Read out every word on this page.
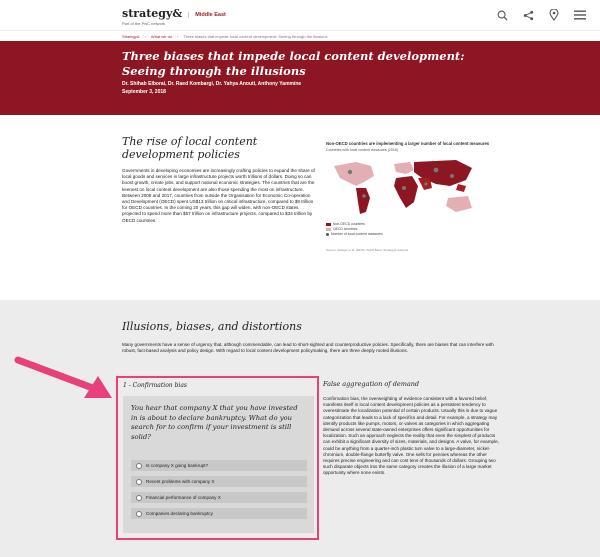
strategy&
Part of the PwC network
Middle East
Strategy& › What we do › Three biases that impede local content development: Seeing through the illusions
Three biases that impede local content development: Seeing through the illusions
Dr. Shihab Elborai, Dr. Raed Kombargi, Dr. Yahya Anouti, Anthony Yammine
September 3, 2018
The rise of local content development policies

Governments in developing economies are increasingly crafting policies to expand the share of local goods and services in large infrastructure projects worth trillions of dollars. Doing so can boost growth, create jobs, and support national economic strategies. The countries that are the keenest on local content development are also those spending the most on infrastructure. Between 2008 and 2017, countries from outside the Organisation for Economic Co-operation and Development (OECD) spent US$13 trillion on critical infrastructure, compared to $9 trillion for OECD countries. In the coming 20 years, this gap will widen, with non-OECD states projected to spend more than $57 trillion on infrastructure projects, compared to $34 trillion by OECD countries.

Non-OECD countries are implementing a larger number of local content measures
Countries with local content measures (2016)
Non-OECD countries
OECD countries
Number of local content measures
Source: Stehger et al. (2016); World Bank; Strategy& analysis
Illusions, biases, and distortions

Many governments have a sense of urgency that, although commendable, can lead to short-sighted and counterproductive policies. Specifically, there are biases that can interfere with robust, fact-based analysis and policy design. With regard to local content development policymaking, there are three deeply rooted illusions.

1 - Confirmation bias
You hear that company X that you have invested in is about to declare bankruptcy. What do you search for to confirm if your investment is still solid?
Is company X going bankrupt?
Recent problems with company X
Financial performance of company X
Companies declaring bankruptcy
False aggregation of demand

Confirmation bias, the overweighting of evidence consistent with a favored belief, manifests itself in local content development policies as a persistent tendency to overestimate the localization potential of certain products. Usually this is due to vague categorization that leads to a lack of specifics and detail. For example, a strategy may identify products like pumps, motors, or valves as categories in which aggregating demand across several state-owned enterprises offers significant opportunities for localization. Such an approach neglects the reality that even the simplest of products can exhibit a significant diversity of sizes, materials, and designs. A valve, for example, could be anything from a quarter-inch plastic turn valve to a large-diameter, nickel-chromium, double-flange butterfly valve. One sells for pennies whereas the other requires precise engineering and can cost tens of thousands of dollars. Grouping two such disparate objects into the same category creates the illusion of a large market opportunity where none exists.
